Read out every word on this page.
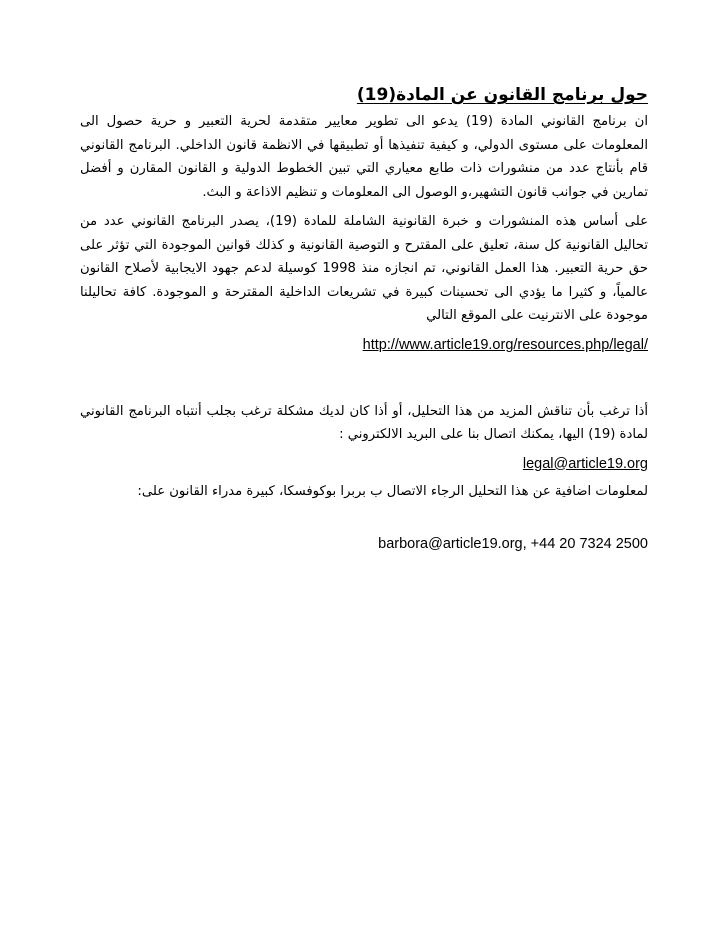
حول برنامج القانون عن المادة(19)

ان برنامج القانوني المادة (19) يدعو الى تطوير معايير متقدمة لحرية التعبير و حرية حصول الى المعلومات على مستوى الدولي، و كيفية تنفيذها أو تطبيقها في الانظمة قانون الداخلي. البرنامج القانوني قام بأنتاج عدد من منشورات ذات طابع معياري التي تبين الخطوط الدولية و القانون المقارن و أفضل تمارين في جوانب قانون التشهير،و الوصول الى المعلومات و تنظيم الاذاعة و البث.

على أساس هذه المنشورات و خبرة القانونية الشاملة للمادة (19)، يصدر البرنامج القانوني عدد من تحاليل القانونية كل سنة، تعليق على المقترح و التوصية القانونية و كذلك قوانين الموجودة التي تؤثر على حق حرية التعبير. هذا العمل القانوني، تم انجازه منذ 1998 كوسيلة لدعم جهود الايجابية لأصلاح القانون عالمياً، و كثيرا ما يؤدي الى تحسينات كبيرة في تشريعات الداخلية المقترحة و الموجودة. كافة تحاليلنا موجودة على الانترنيت على الموقع التالي

http://www.article19.org/resources.php/legal/

أذا ترغب بأن تناقش المزيد من هذا التحليل، أو أذا كان لديك مشكلة ترغب بجلب أنتباه البرنامج القانوني لمادة (19) اليها، يمكنك اتصال بنا على البريد الالكتروني :

legal@article19.org

لمعلومات اضافية عن هذا التحليل الرجاء الاتصال ب بربرا بوكوفسكا، كبيرة مدراء القانون على:

barbora@article19.org, +44 20 7324 2500
